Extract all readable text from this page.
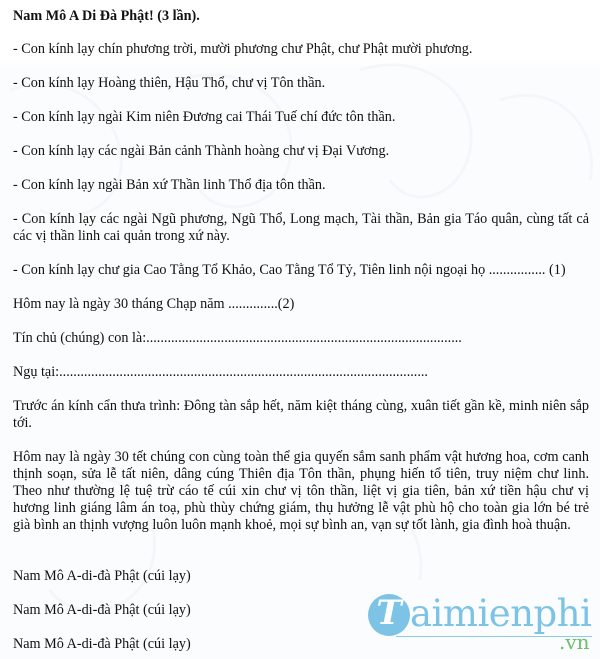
Nam Mô A Di Đà Phật! (3 lần).

- Con kính lạy chín phương trời, mười phương chư Phật, chư Phật mười phương.

- Con kính lạy Hoàng thiên, Hậu Thổ, chư vị Tôn thần.

- Con kính lạy ngài Kim niên Đương cai Thái Tuế chí đức tôn thần.

- Con kính lạy các ngài Bản cảnh Thành hoàng chư vị Đại Vương.

- Con kính lạy ngài Bản xứ Thần linh Thổ địa tôn thần.

- Con kính lạy các ngài Ngũ phương, Ngũ Thổ, Long mạch, Tài thần, Bản gia Táo quân, cùng tất cả các vị thần linh cai quản trong xứ này.

- Con kính lạy chư gia Cao Tằng Tổ Khảo, Cao Tằng Tổ Tỷ, Tiên linh nội ngoại họ ................ (1)

Hôm nay là ngày 30 tháng Chạp năm ..............(2)

Tín chủ (chúng) con là:.........................................................................................

Ngụ tại:........................................................................................................

Trước án kính cẩn thưa trình: Đông tàn sắp hết, năm kiệt tháng cùng, xuân tiết gần kề, minh niên sắp tới.

Hôm nay là ngày 30 tết chúng con cùng toàn thể gia quyến sắm sanh phẩm vật hương hoa, cơm canh thịnh soạn, sửa lễ tất niên, dâng cúng Thiên địa Tôn thần, phụng hiến tổ tiên, truy niệm chư linh. Theo như thường lệ tuệ trừ cáo tế cúi xin chư vị tôn thần, liệt vị gia tiên, bản xứ tiền hậu chư vị hương linh giáng lâm án toạ, phù thùy chứng giám, thụ hưởng lễ vật phù hộ cho toàn gia lớn bé trẻ già bình an thịnh vượng luôn luôn mạnh khoẻ, mọi sự bình an, vạn sự tốt lành, gia đình hoà thuận.

Nam Mô A-di-đà Phật (cúi lạy)

Nam Mô A-di-đà Phật (cúi lạy)

Nam Mô A-di-đà Phật (cúi lạy)

T aimienphi
.vn
